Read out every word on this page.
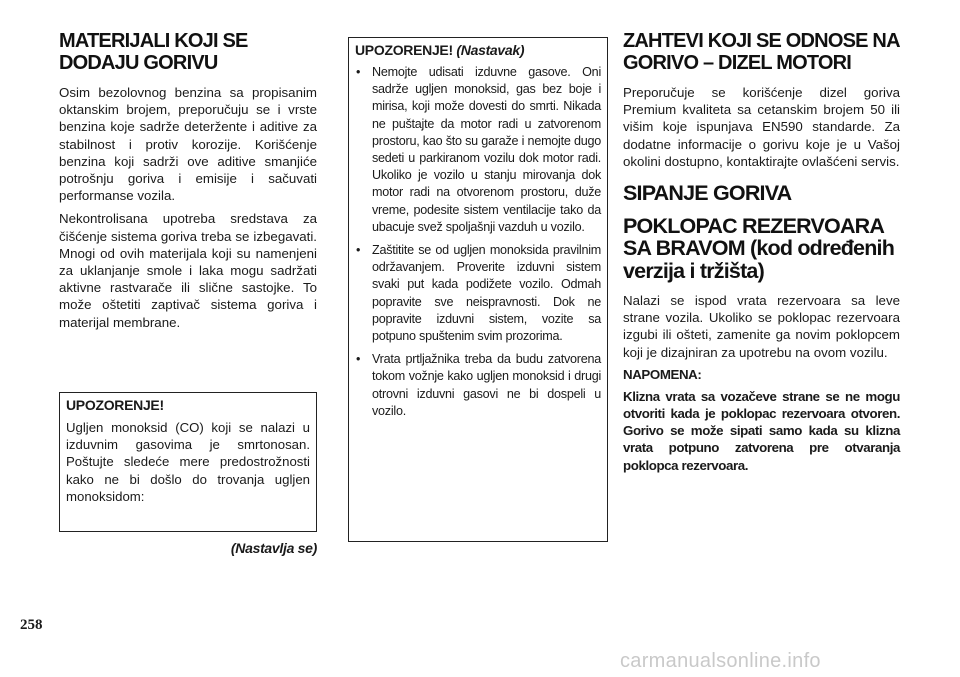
MATERIJALI KOJI SE DODAJU GORIVU

Osim bezolovnog benzina sa propisanim oktanskim brojem, preporučuju se i vrste benzina koje sadrže deteržente i aditive za stabilnost i protiv korozije. Korišćenje benzina koji sadrži ove aditive smanjiće potrošnju goriva i emisije i sačuvati performanse vozila.

Nekontrolisana upotreba sredstava za čišćenje sistema goriva treba se izbegavati. Mnogi od ovih materijala koji su namenjeni za uklanjanje smole i laka mogu sadržati aktivne rastvarače ili slične sastojke. To može oštetiti zaptivač sistema goriva i materijal membrane.

UPOZORENJE!

Ugljen monoksid (CO) koji se nalazi u izduvnim gasovima je smrtonosan. Poštujte sledeće mere predostrožnosti kako ne bi došlo do trovanja ugljen monoksidom:

(Nastavlja se)
UPOZORENJE! (Nastavak)
• Nemojte udisati izduvne gasove. Oni sadrže ugljen monoksid, gas bez boje i mirisa, koji može dovesti do smrti. Nikada ne puštajte da motor radi u zatvorenom prostoru, kao što su garaže i nemojte dugo sedeti u parkiranom vozilu dok motor radi. Ukoliko je vozilo u stanju mirovanja dok motor radi na otvorenom prostoru, duže vreme, podesite sistem ventilacije tako da ubacuje svež spoljašnji vazduh u vozilo.
• Zaštitite se od ugljen monoksida pravilnim održavanjem. Proverite izduvni sistem svaki put kada podižete vozilo. Odmah popravite sve neispravnosti. Dok ne popravite izduvni sistem, vozite sa potpuno spuštenim svim prozorima.
• Vrata prtljažnika treba da budu zatvorena tokom vožnje kako ugljen monoksid i drugi otrovni izduvni gasovi ne bi dospeli u vozilo.
ZAHTEVI KOJI SE ODNOSE NA GORIVO – DIZEL MOTORI

Preporučuje se korišćenje dizel goriva Premium kvaliteta sa cetanskim brojem 50 ili višim koje ispunjava EN590 standarde. Za dodatne informacije o gorivu koje je u Vašoj okolini dostupno, kontaktirajte ovlašćeni servis.

SIPANJE GORIVA
POKLOPAC REZERVOARA SA BRAVOM (kod određenih verzija i tržišta)

Nalazi se ispod vrata rezervoara sa leve strane vozila. Ukoliko se poklopac rezervoara izgubi ili ošteti, zamenite ga novim poklopcem koji je dizajniran za upotrebu na ovom vozilu.

NAPOMENA:

Klizna vrata sa vozačeve strane se ne mogu otvoriti kada je poklopac rezervoara otvoren. Gorivo se može sipati samo kada su klizna vrata potpuno zatvorena pre otvaranja poklopca rezervoara.

258
carmanualsonline.info
